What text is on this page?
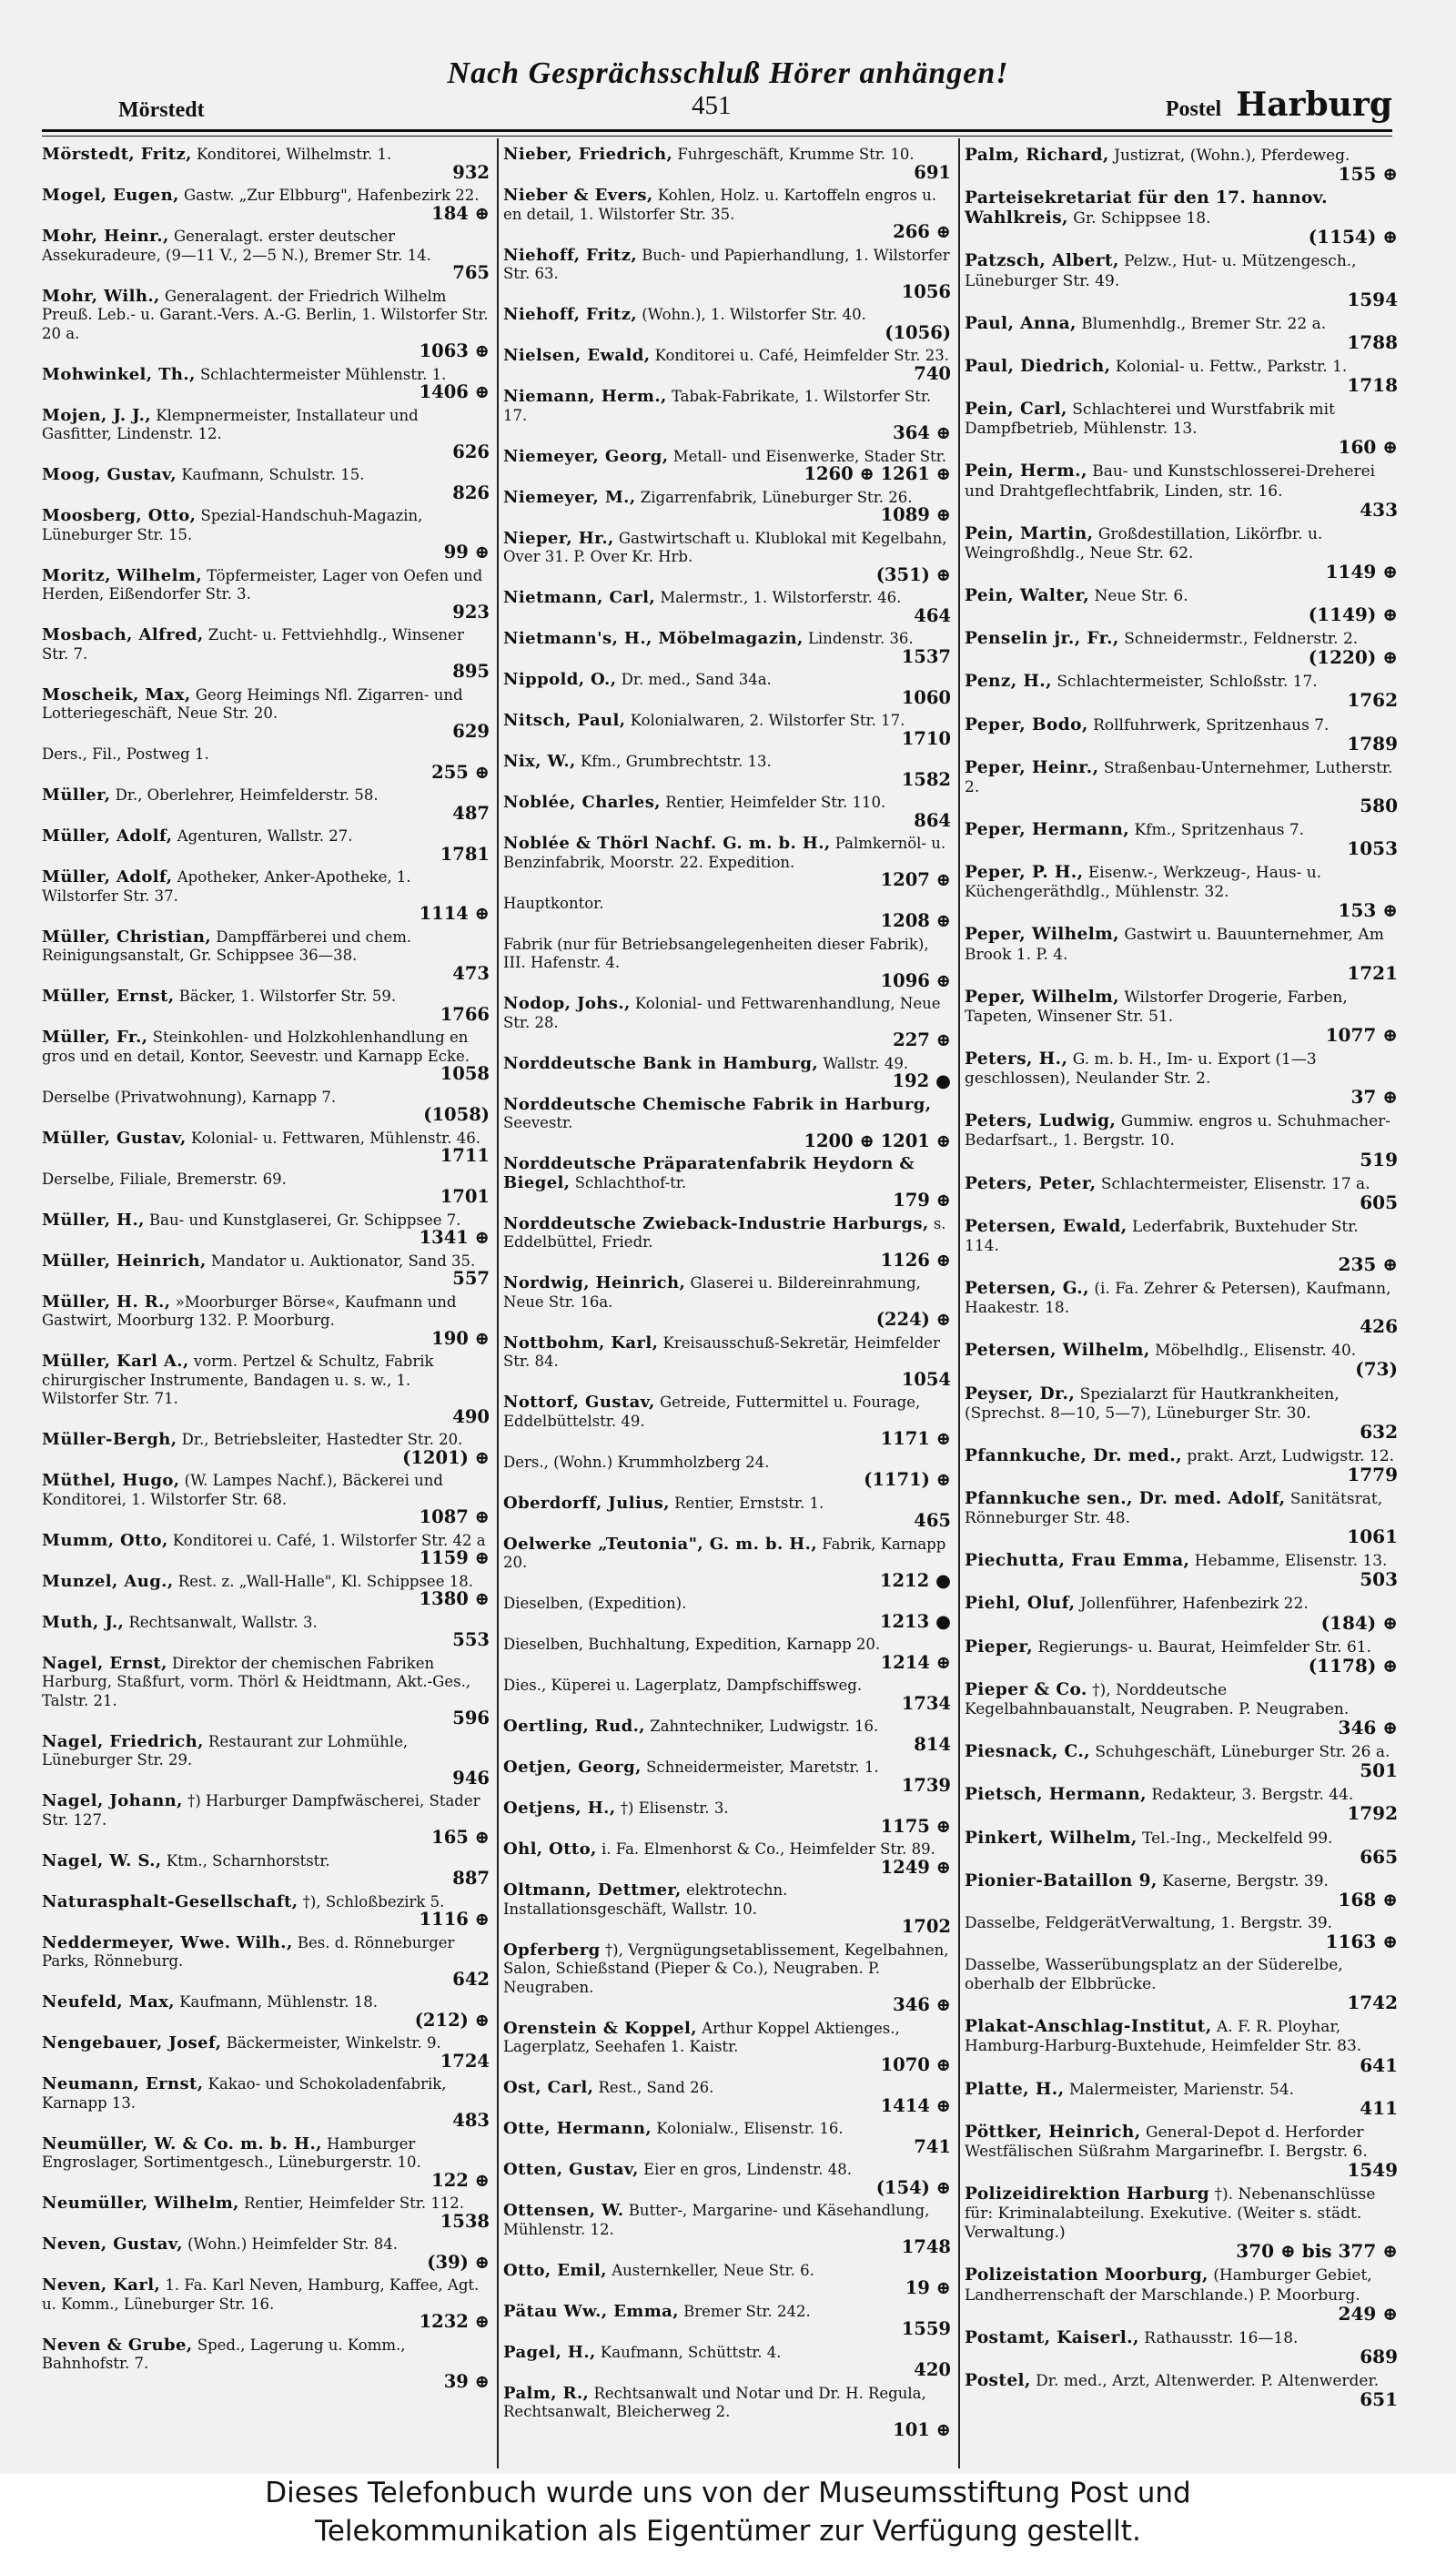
Nach Gesprächsschluß Hörer anhängen!
Mörstedt	451	Postel Harburg
Mörstedt, Fritz, Konditorei, Wilhelmstr. 1.
932
Mogel, Eugen, Gastw. „Zur Elbburg", Hafenbezirk 22.
184 ⊕
Mohr, Heinr., Generalagt. erster deutscher Assekuradeure, (9—11 V., 2—5 N.), Bremer Str. 14.
765
Mohr, Wilh., Generalagent. der Friedrich Wilhelm Preuß. Leb.- u. Garant.-Vers. A.-G. Berlin, 1. Wilstorfer Str. 20 a.
1063 ⊕
Mohwinkel, Th., Schlachtermeister Mühlenstr. 1.
1406 ⊕
Mojen, J. J., Klempnermeister, Installateur und Gasfitter, Lindenstr. 12.
626
Moog, Gustav, Kaufmann, Schulstr. 15.
826
Moosberg, Otto, Spezial-Handschuh-Magazin, Lüneburger Str. 15.
99 ⊕
Moritz, Wilhelm, Töpfermeister, Lager von Oefen und Herden, Eißendorfer Str. 3.
923
Mosbach, Alfred, Zucht- u. Fettviehhdlg., Winsener Str. 7.
895
Moscheik, Max, Georg Heimings Nfl. Zigarren- und Lotteriegeschäft, Neue Str. 20.
629
Ders., Fil., Postweg 1.
255 ⊕
Müller, Dr., Oberlehrer, Heimfelderstr. 58.
487
Müller, Adolf, Agenturen, Wallstr. 27.
1781
Müller, Adolf, Apotheker, Anker-Apotheke, 1. Wilstorfer Str. 37.
1114 ⊕
Müller, Christian, Dampffärberei und chem. Reinigungsanstalt, Gr. Schippsee 36—38.
473
Müller, Ernst, Bäcker, 1. Wilstorfer Str. 59.
1766
Müller, Fr., Steinkohlen- und Holzkohlenhandlung en gros und en detail, Kontor, Seevestr. und Karnapp Ecke.
1058
Derselbe (Privatwohnung), Karnapp 7.
(1058)
Müller, Gustav, Kolonial- u. Fettwaren, Mühlenstr. 46.
1711
Derselbe, Filiale, Bremerstr. 69.
1701
Müller, H., Bau- und Kunstglaserei, Gr. Schippsee 7.
1341 ⊕
Müller, Heinrich, Mandator u. Auktionator, Sand 35.
557
Müller, H. R., »Moorburger Börse«, Kaufmann und Gastwirt, Moorburg 132. P. Moorburg.
190 ⊕
Müller, Karl A., vorm. Pertzel & Schultz, Fabrik chirurgischer Instrumente, Bandagen u. s. w., 1. Wilstorfer Str. 71.
490
Müller-Bergh, Dr., Betriebsleiter, Hastedter Str. 20.
(1201) ⊕
Müthel, Hugo, (W. Lampes Nachf.), Bäckerei und Konditorei, 1. Wilstorfer Str. 68.
1087 ⊕
Mumm, Otto, Konditorei u. Café, 1. Wilstorfer Str. 42 a
1159 ⊕
Munzel, Aug., Rest. z. „Wall-Halle", Kl. Schippsee 18.
1380 ⊕
Muth, J., Rechtsanwalt, Wallstr. 3.
553
Nagel, Ernst, Direktor der chemischen Fabriken Harburg, Staßfurt, vorm. Thörl & Heidtmann, Akt.-Ges., Talstr. 21.
596
Nagel, Friedrich, Restaurant zur Lohmühle, Lüneburger Str. 29.
946
Nagel, Johann, †) Harburger Dampfwäscherei, Stader Str. 127.
165 ⊕
Nagel, W. S., Ktm., Scharnhorststr.
887
Naturasphalt-Gesellschaft, †), Schloßbezirk 5.
1116 ⊕
Neddermeyer, Wwe. Wilh., Bes. d. Rönneburger Parks, Rönneburg.
642
Neufeld, Max, Kaufmann, Mühlenstr. 18.
(212) ⊕
Nengebauer, Josef, Bäckermeister, Winkelstr. 9.
1724
Neumann, Ernst, Kakao- und Schokoladenfabrik, Karnapp 13.
483
Neumüller, W. & Co. m. b. H., Hamburger Engroslager, Sortimentgesch., Lüneburgerstr. 10.
122 ⊕
Neumüller, Wilhelm, Rentier, Heimfelder Str. 112.
1538
Neven, Gustav, (Wohn.) Heimfelder Str. 84.
(39) ⊕
Neven, Karl, 1. Fa. Karl Neven, Hamburg, Kaffee, Agt. u. Komm., Lüneburger Str. 16.
1232 ⊕
Neven & Grube, Sped., Lagerung u. Komm., Bahnhofstr. 7.
39 ⊕
Nieber, Friedrich, Fuhrgeschäft, Krumme Str. 10.
691
Nieber & Evers, Kohlen, Holz. u. Kartoffeln engros u. en detail, 1. Wilstorfer Str. 35.
266 ⊕
Niehoff, Fritz, Buch- und Papierhandlung, 1. Wilstorfer Str. 63.
1056
Niehoff, Fritz, (Wohn.), 1. Wilstorfer Str. 40.
(1056)
Nielsen, Ewald, Konditorei u. Café, Heimfelder Str. 23.
740
Niemann, Herm., Tabak-Fabrikate, 1. Wilstorfer Str. 17.
364 ⊕
Niemeyer, Georg, Metall- und Eisenwerke, Stader Str.
1260 ⊕ 1261 ⊕
Niemeyer, M., Zigarrenfabrik, Lüneburger Str. 26.
1089 ⊕
Nieper, Hr., Gastwirtschaft u. Klublokal mit Kegelbahn, Over 31. P. Over Kr. Hrb.
(351) ⊕
Nietmann, Carl, Malermstr., 1. Wilstorferstr. 46.
464
Nietmann's, H., Möbelmagazin, Lindenstr. 36.
1537
Nippold, O., Dr. med., Sand 34a.
1060
Nitsch, Paul, Kolonialwaren, 2. Wilstorfer Str. 17.
1710
Nix, W., Kfm., Grumbrechtstr. 13.
1582
Noblée, Charles, Rentier, Heimfelder Str. 110.
864
Noblée & Thörl Nachf. G. m. b. H., Palmkernöl- u. Benzinfabrik, Moorstr. 22. Expedition.
1207 ⊕
Hauptkontor.
1208 ⊕
Fabrik (nur für Betriebsangelegenheiten dieser Fabrik), III. Hafenstr. 4.
1096 ⊕
Nodop, Johs., Kolonial- und Fettwarenhandlung, Neue Str. 28.
227 ⊕
Norddeutsche Bank in Hamburg, Wallstr. 49.
192 ●
Norddeutsche Chemische Fabrik in Harburg, Seevestr.
1200 ⊕ 1201 ⊕
Norddeutsche Präparatenfabrik Heydorn & Biegel, Schlachthof-tr.
179 ⊕
Norddeutsche Zwieback-Industrie Harburgs, s. Eddelbüttel, Friedr.
1126 ⊕
Nordwig, Heinrich, Glaserei u. Bildereinrahmung, Neue Str. 16a.
(224) ⊕
Nottbohm, Karl, Kreisausschuß-Sekretär, Heimfelder Str. 84.
1054
Nottorf, Gustav, Getreide, Futtermittel u. Fourage, Eddelbüttelstr. 49.
1171 ⊕
Ders., (Wohn.) Krummholzberg 24.
(1171) ⊕
Oberdorff, Julius, Rentier, Ernststr. 1.
465
Oelwerke „Teutonia", G. m. b. H., Fabrik, Karnapp 20.
1212 ●
Dieselben, (Expedition).
1213 ●
Dieselben, Buchhaltung, Expedition, Karnapp 20.
1214 ⊕
Dies., Küperei u. Lagerplatz, Dampfschiffsweg.
1734
Oertling, Rud., Zahntechniker, Ludwigstr. 16.
814
Oetjen, Georg, Schneidermeister, Maretstr. 1.
1739
Oetjens, H., †) Elisenstr. 3.
1175 ⊕
Ohl, Otto, i. Fa. Elmenhorst & Co., Heimfelder Str. 89.
1249 ⊕
Oltmann, Dettmer, elektrotechn. Installationsgeschäft, Wallstr. 10.
1702
Opferberg †), Vergnügungsetablissement, Kegelbahnen, Salon, Schießstand (Pieper & Co.), Neugraben. P. Neugraben.
346 ⊕
Orenstein & Koppel, Arthur Koppel Aktienges., Lagerplatz, Seehafen 1. Kaistr.
1070 ⊕
Ost, Carl, Rest., Sand 26.
1414 ⊕
Otte, Hermann, Kolonialw., Elisenstr. 16.
741
Otten, Gustav, Eier en gros, Lindenstr. 48.
(154) ⊕
Ottensen, W. Butter-, Margarine- und Käsehandlung, Mühlenstr. 12.
1748
Otto, Emil, Austernkeller, Neue Str. 6.
19 ⊕
Pätau Ww., Emma, Bremer Str. 242.
1559
Pagel, H., Kaufmann, Schüttstr. 4.
420
Palm, R., Rechtsanwalt und Notar und Dr. H. Regula, Rechtsanwalt, Bleicherweg 2.
101 ⊕
Palm, Richard, Justizrat, (Wohn.), Pferdeweg.
155 ⊕
Parteisekretariat für den 17. hannov. Wahlkreis, Gr. Schippsee 18.
(1154) ⊕
Patzsch, Albert, Pelzw., Hut- u. Mützengesch., Lüneburger Str. 49.
1594
Paul, Anna, Blumenhdlg., Bremer Str. 22 a.
1788
Paul, Diedrich, Kolonial- u. Fettw., Parkstr. 1.
1718
Pein, Carl, Schlachterei und Wurstfabrik mit Dampfbetrieb, Mühlenstr. 13.
160 ⊕
Pein, Herm., Bau- und Kunstschlosserei-Dreherei und Drahtgeflechtfabrik, Linden, str. 16.
433
Pein, Martin, Großdestillation, Likörfbr. u. Weingroßhdlg., Neue Str. 62.
1149 ⊕
Pein, Walter, Neue Str. 6.
(1149) ⊕
Penselin jr., Fr., Schneidermstr., Feldnerstr. 2.
(1220) ⊕
Penz, H., Schlachtermeister, Schloßstr. 17.
1762
Peper, Bodo, Rollfuhrwerk, Spritzenhaus 7.
1789
Peper, Heinr., Straßenbau-Unternehmer, Lutherstr. 2.
580
Peper, Hermann, Kfm., Spritzenhaus 7.
1053
Peper, P. H., Eisenw.-, Werkzeug-, Haus- u. Küchengeräthdlg., Mühlenstr. 32.
153 ⊕
Peper, Wilhelm, Gastwirt u. Bauunternehmer, Am Brook 1. P. 4.
1721
Peper, Wilhelm, Wilstorfer Drogerie, Farben, Tapeten, Winsener Str. 51.
1077 ⊕
Peters, H., G. m. b. H., Im- u. Export (1—3 geschlossen), Neulander Str. 2.
37 ⊕
Peters, Ludwig, Gummiw. engros u. Schuhmacher-Bedarfsart., 1. Bergstr. 10.
519
Peters, Peter, Schlachtermeister, Elisenstr. 17 a.
605
Petersen, Ewald, Lederfabrik, Buxtehuder Str. 114.
235 ⊕
Petersen, G., (i. Fa. Zehrer & Petersen), Kaufmann, Haakestr. 18.
426
Petersen, Wilhelm, Möbelhdlg., Elisenstr. 40.
(73)
Peyser, Dr., Spezialarzt für Hautkrankheiten, (Sprechst. 8—10, 5—7), Lüneburger Str. 30.
632
Pfannkuche, Dr. med., prakt. Arzt, Ludwigstr. 12.
1779
Pfannkuche sen., Dr. med. Adolf, Sanitätsrat, Rönneburger Str. 48.
1061
Piechutta, Frau Emma, Hebamme, Elisenstr. 13.
503
Piehl, Oluf, Jollenführer, Hafenbezirk 22.
(184) ⊕
Pieper, Regierungs- u. Baurat, Heimfelder Str. 61.
(1178) ⊕
Pieper & Co. †), Norddeutsche Kegelbahnbauanstalt, Neugraben. P. Neugraben.
346 ⊕
Piesnack, C., Schuhgeschäft, Lüneburger Str. 26 a.
501
Pietsch, Hermann, Redakteur, 3. Bergstr. 44.
1792
Pinkert, Wilhelm, Tel.-Ing., Meckelfeld 99.
665
Pionier-Bataillon 9, Kaserne, Bergstr. 39.
168 ⊕
Dasselbe, FeldgerätVerwaltung, 1. Bergstr. 39.
1163 ⊕
Dasselbe, Wasserübungsplatz an der Süderelbe, oberhalb der Elbbrücke.
1742
Plakat-Anschlag-Institut, A. F. R. Ployhar, Hamburg-Harburg-Buxtehude, Heimfelder Str. 83.
641
Platte, H., Malermeister, Marienstr. 54.
411
Pöttker, Heinrich, General-Depot d. Herforder Westfälischen Süßrahm Margarinefbr. I. Bergstr. 6.
1549
Polizeidirektion Harburg †). Nebenanschlüsse für: Kriminalabteilung. Exekutive. (Weiter s. städt. Verwaltung.)
370 ⊕ bis 377 ⊕
Polizeistation Moorburg, (Hamburger Gebiet, Landherrenschaft der Marschlande.) P. Moorburg.
249 ⊕
Postamt, Kaiserl., Rathausstr. 16—18.
689
Postel, Dr. med., Arzt, Altenwerder. P. Altenwerder.
651
Dieses Telefonbuch wurde uns von der Museumsstiftung Post und
Telekommunikation als Eigentümer zur Verfügung gestellt.
